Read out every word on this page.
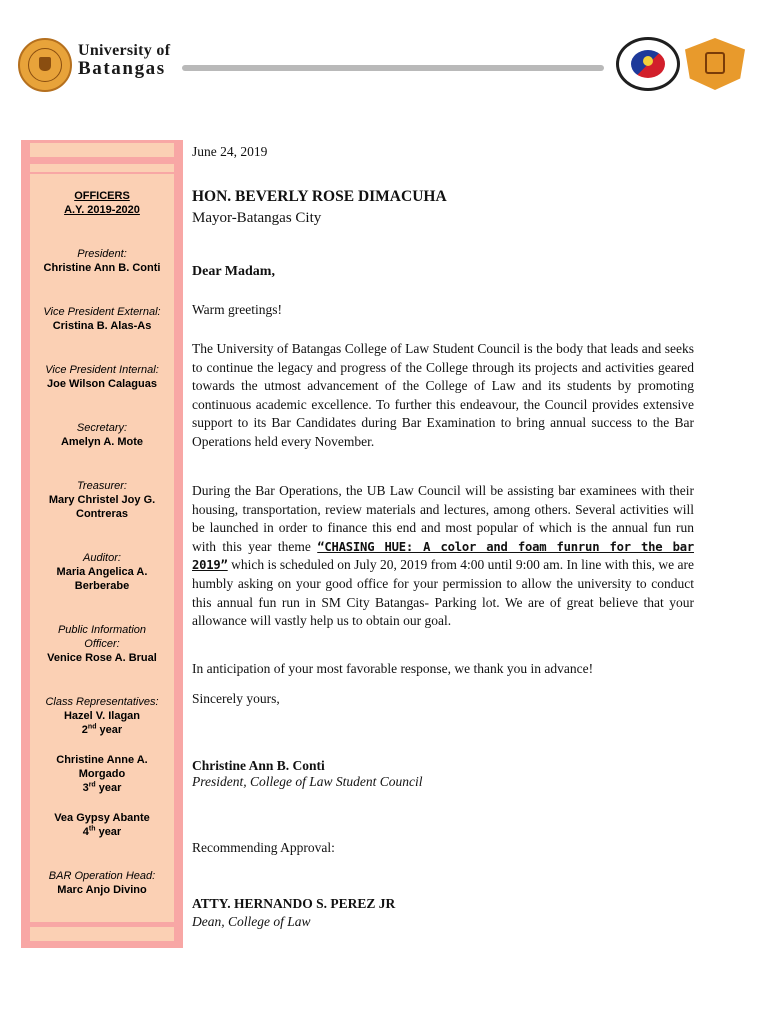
University of
Batangas
OFFICERS
A.Y. 2019-2020
President:
Christine Ann B. Conti
Vice President External:
Cristina B. Alas-As
Vice President Internal:
Joe Wilson Calaguas
Secretary:
Amelyn A. Mote
Treasurer:
Mary Christel Joy G.
Contreras
Auditor:
Maria Angelica A.
Berberabe
Public Information
Officer:
Venice Rose A. Brual
Class Representatives:
Hazel V. Ilagan
2nd year
Christine Anne A.
Morgado
3rd year
Vea Gypsy Abante
4th year
BAR Operation Head:
Marc Anjo Divino
June 24, 2019
HON. BEVERLY ROSE DIMACUHA
Mayor-Batangas City
Dear Madam,
Warm greetings!
The University of Batangas College of Law Student Council is the body that leads and seeks to continue the legacy and progress of the College through its projects and activities geared towards the utmost advancement of the College of Law and its students by promoting continuous academic excellence. To further this endeavour, the Council provides extensive support to its Bar Candidates during Bar Examination to bring annual success to the Bar Operations held every November.
During the Bar Operations, the UB Law Council will be assisting bar examinees with their housing, transportation, review materials and lectures, among others. Several activities will be launched in order to finance this end and most popular of which is the annual fun run with this year theme “CHASING HUE: A color and foam funrun for the bar 2019” which is scheduled on July 20, 2019 from 4:00 until 9:00 am. In line with this, we are humbly asking on your good office for your permission to allow the university to conduct this annual fun run in SM City Batangas- Parking lot. We are of great believe that your allowance will vastly help us to obtain our goal.
In anticipation of your most favorable response, we thank you in advance!
Sincerely yours,
Christine Ann B. Conti
President, College of Law Student Council
Recommending Approval:
ATTY. HERNANDO S. PEREZ JR
Dean, College of Law
